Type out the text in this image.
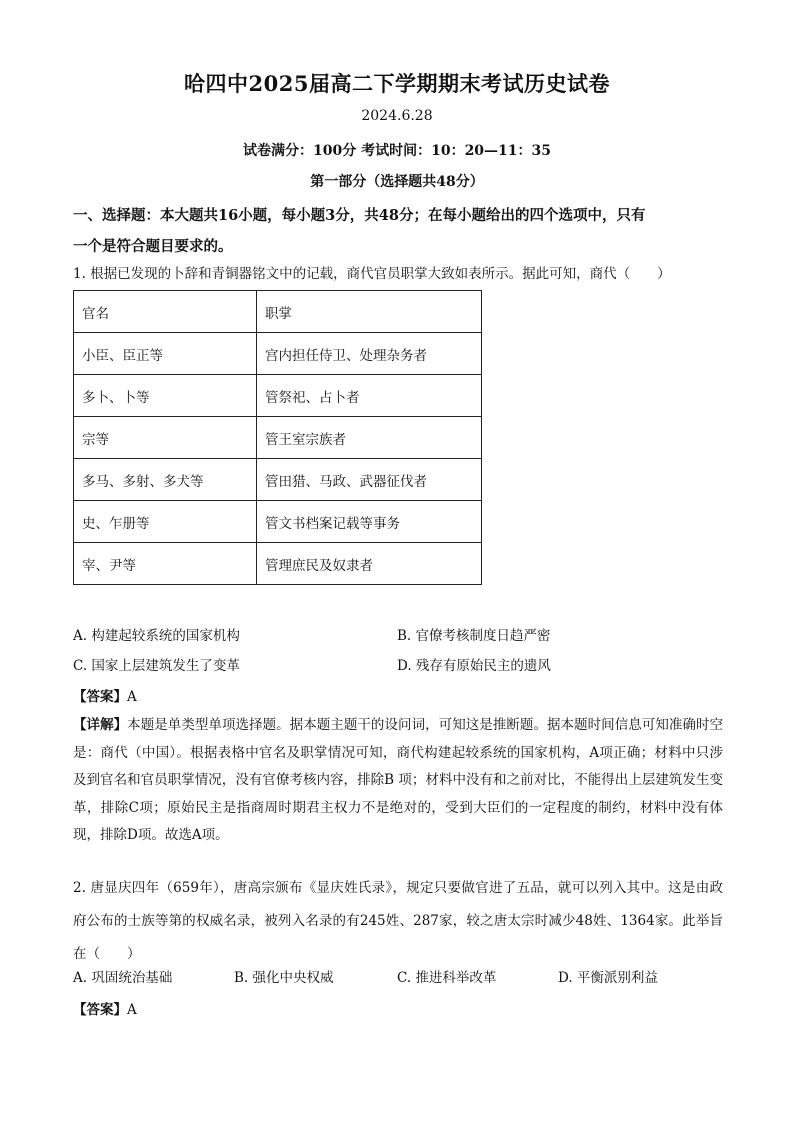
哈四中2025届高二下学期期末考试历史试卷
2024.6.28
试卷满分：100分 考试时间：10：20—11：35
第一部分（选择题共48分）
一、选择题：本大题共16小题，每小题3分，共48分；在每小题给出的四个选项中，只有
一个是符合题目要求的。
1. 根据已发现的卜辞和青铜器铭文中的记载，商代官员职掌大致如表所示。据此可知，商代（　　）
官名	职掌
小臣、臣正等	宫内担任侍卫、处理杂务者
多卜、卜等	管祭祀、占卜者
宗等	管王室宗族者
多马、多射、多犬等	管田猎、马政、武器征伐者
史、乍册等	管文书档案记载等事务
宰、尹等	管理庶民及奴隶者
A. 构建起较系统的国家机构	B. 官僚考核制度日趋严密
C. 国家上层建筑发生了变革	D. 残存有原始民主的遗风
【答案】A
【详解】本题是单类型单项选择题。据本题主题干的设问词，可知这是推断题。据本题时间信息可知准确时空是：商代（中国）。根据表格中官名及职掌情况可知，商代构建起较系统的国家机构，A项正确；材料中只涉及到官名和官员职掌情况，没有官僚考核内容，排除B 项；材料中没有和之前对比，不能得出上层建筑发生变革，排除C项；原始民主是指商周时期君主权力不是绝对的，受到大臣们的一定程度的制约，材料中没有体现，排除D项。故选A项。
2. 唐显庆四年（659年），唐高宗颁布《显庆姓氏录》，规定只要做官进了五品，就可以列入其中。这是由政府公布的士族等第的权威名录，被列入名录的有245姓、287家，较之唐太宗时减少48姓、1364家。此举旨在（　　）
A. 巩固统治基础	B. 强化中央权威	C. 推进科举改革	D. 平衡派别利益
【答案】A
